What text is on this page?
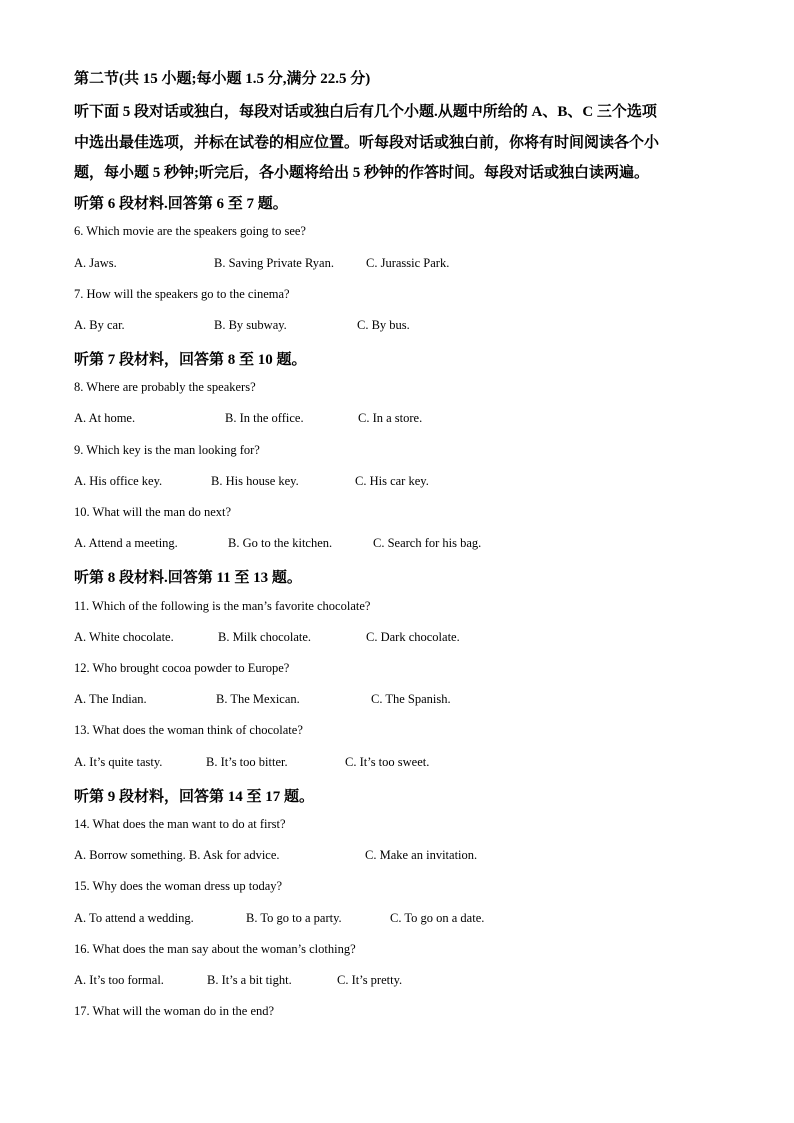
第二节(共 15 小题;每小题 1.5 分,满分 22.5 分)
听下面 5 段对话或独白，每段对话或独白后有几个小题.从题中所给的 A、B、C 三个选项
中选出最佳选项，并标在试卷的相应位置。听每段对话或独白前，你将有时间阅读各个小
题，每小题 5 秒钟;听完后，各小题将给出 5 秒钟的作答时间。每段对话或独白读两遍。
听第 6 段材料.回答第 6 至 7 题。
6. Which movie are the speakers going to see?
A. Jaws.	B. Saving Private Ryan.	C. Jurassic Park.
7. How will the speakers go to the cinema?
A. By car.	B. By subway.	C. By bus.
听第 7 段材料，回答第 8 至 10 题。
8. Where are probably the speakers?
A. At home.	B. In the office.	C. In a store.
9. Which key is the man looking for?
A. His office key.	B. His house key.	C. His car key.
10. What will the man do next?
A. Attend a meeting.	B. Go to the kitchen.	C. Search for his bag.
听第 8 段材料.回答第 11 至 13 题。
11. Which of the following is the man’s favorite chocolate?
A. White chocolate.	B. Milk chocolate.	C. Dark chocolate.
12. Who brought cocoa powder to Europe?
A. The Indian.	B. The Mexican.	C. The Spanish.
13. What does the woman think of chocolate?
A. It’s quite tasty.	B. It’s too bitter.	C. It’s too sweet.
听第 9 段材料，回答第 14 至 17 题。
14. What does the man want to do at first?
A. Borrow something. B. Ask for advice.	C. Make an invitation.
15. Why does the woman dress up today?
A. To attend a wedding.	B. To go to a party.	C. To go on a date.
16. What does the man say about the woman’s clothing?
A. It’s too formal.	B. It’s a bit tight.	C. It’s pretty.
17. What will the woman do in the end?
